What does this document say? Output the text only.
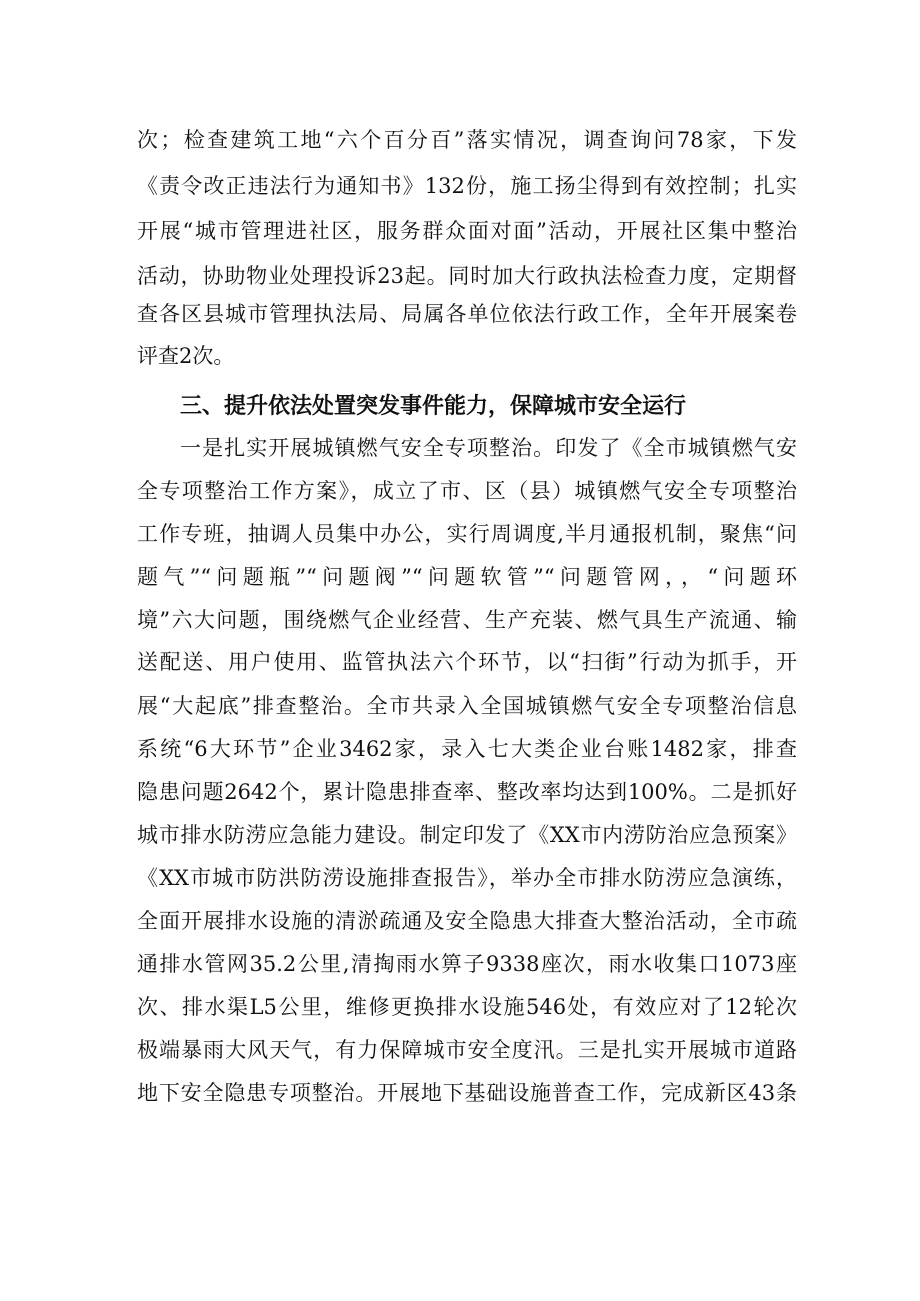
次；检查建筑工地“六个百分百”落实情况，调查询问78家，下发
《责令改正违法行为通知书》132份，施工扬尘得到有效控制；扎实
开展“城市管理进社区，服务群众面对面”活动，开展社区集中整治
活动，协助物业处理投诉23起。同时加大行政执法检查力度，定期督
查各区县城市管理执法局、局属各单位依法行政工作，全年开展案卷
评查2次。
三、提升依法处置突发事件能力，保障城市安全运行
一是扎实开展城镇燃气安全专项整治。印发了《全市城镇燃气安
全专项整治工作方案》，成立了市、区（县）城镇燃气安全专项整治
工作专班，抽调人员集中办公，实行周调度,半月通报机制，聚焦“问
题气”“问题瓶”“问题阀”“问题软管”“问题管网，，“问题环
境”六大问题，围绕燃气企业经营、生产充装、燃气具生产流通、输
送配送、用户使用、监管执法六个环节，以“扫街”行动为抓手，开
展“大起底”排查整治。全市共录入全国城镇燃气安全专项整治信息
系统“6大环节”企业3462家，录入七大类企业台账1482家，排查
隐患问题2642个，累计隐患排查率、整改率均达到100%。二是抓好
城市排水防涝应急能力建设。制定印发了《XX市内涝防治应急预案》
《XX市城市防洪防涝设施排查报告》，举办全市排水防涝应急演练，
全面开展排水设施的清淤疏通及安全隐患大排查大整治活动，全市疏
通排水管网35.2公里,清掏雨水箅子9338座次，雨水收集口1073座
次、排水渠L5公里，维修更换排水设施546处，有效应对了12轮次
极端暴雨大风天气，有力保障城市安全度汛。三是扎实开展城市道路
地下安全隐患专项整治。开展地下基础设施普查工作，完成新区43条
